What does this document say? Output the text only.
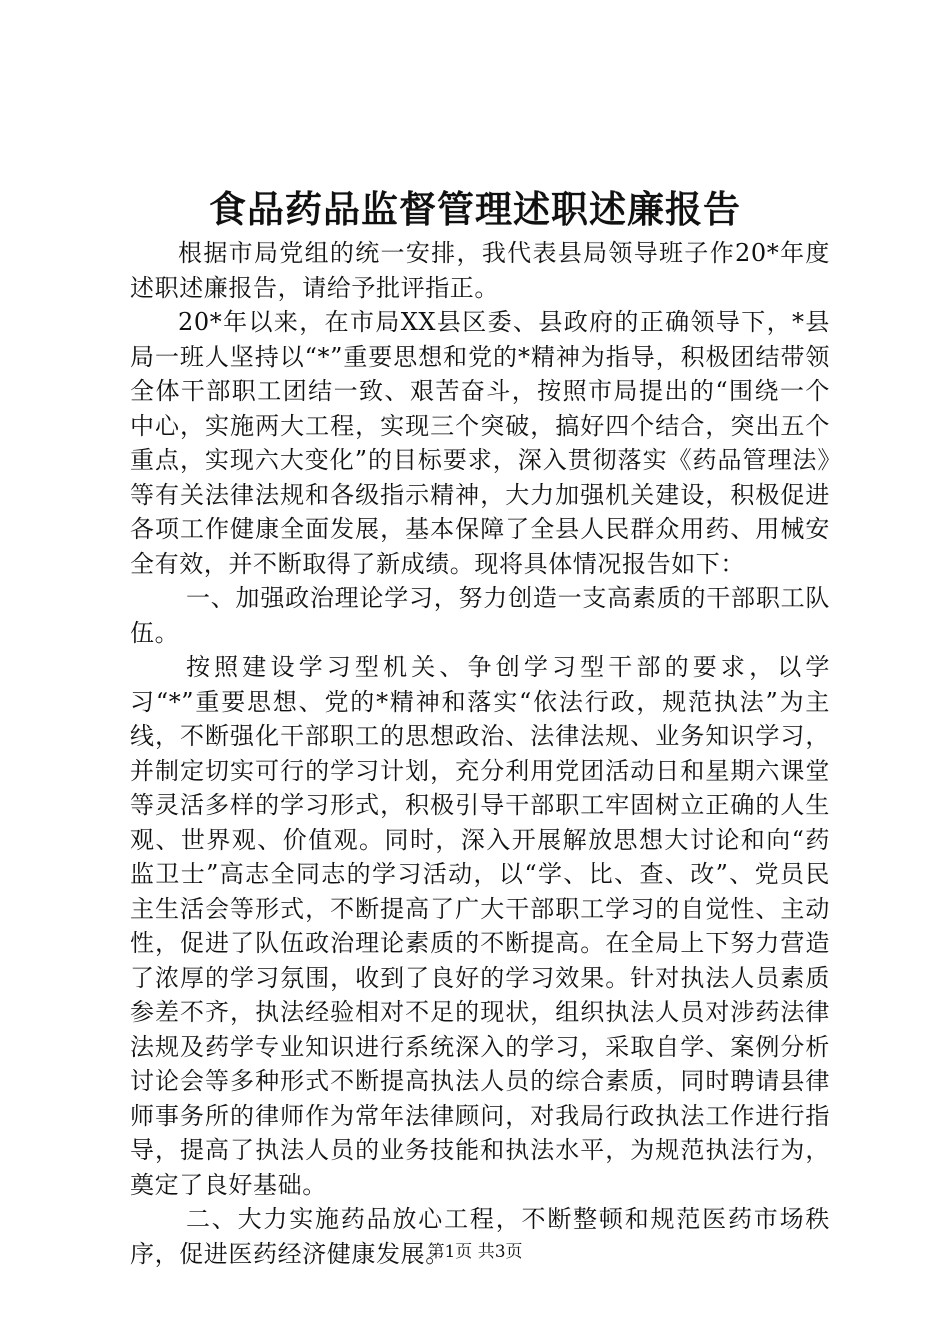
食品药品监督管理述职述廉报告

根据市局党组的统一安排，我代表县局领导班子作20*年度述职述廉报告，请给予批评指正。

20*年以来，在市局XX县区委、县政府的正确领导下，*县局一班人坚持以“*”重要思想和党的*精神为指导，积极团结带领全体干部职工团结一致、艰苦奋斗，按照市局提出的“围绕一个中心，实施两大工程，实现三个突破，搞好四个结合，突出五个重点，实现六大变化”的目标要求，深入贯彻落实《药品管理法》等有关法律法规和各级指示精神，大力加强机关建设，积极促进各项工作健康全面发展，基本保障了全县人民群众用药、用械安全有效，并不断取得了新成绩。现将具体情况报告如下：

一、加强政治理论学习，努力创造一支高素质的干部职工队伍。

按照建设学习型机关、争创学习型干部的要求，以学习“*”重要思想、党的*精神和落实“依法行政，规范执法”为主线，不断强化干部职工的思想政治、法律法规、业务知识学习，并制定切实可行的学习计划，充分利用党团活动日和星期六课堂等灵活多样的学习形式，积极引导干部职工牢固树立正确的人生观、世界观、价值观。同时，深入开展解放思想大讨论和向“药监卫士”高志全同志的学习活动，以“学、比、查、改”、党员民主生活会等形式，不断提高了广大干部职工学习的自觉性、主动性，促进了队伍政治理论素质的不断提高。在全局上下努力营造了浓厚的学习氛围，收到了良好的学习效果。针对执法人员素质参差不齐，执法经验相对不足的现状，组织执法人员对涉药法律法规及药学专业知识进行系统深入的学习，采取自学、案例分析讨论会等多种形式不断提高执法人员的综合素质，同时聘请县律师事务所的律师作为常年法律顾问，对我局行政执法工作进行指导，提高了执法人员的业务技能和执法水平，为规范执法行为，奠定了良好基础。

二、大力实施药品放心工程，不断整顿和规范医药市场秩序，促进医药经济健康发展。

第1页 共3页
